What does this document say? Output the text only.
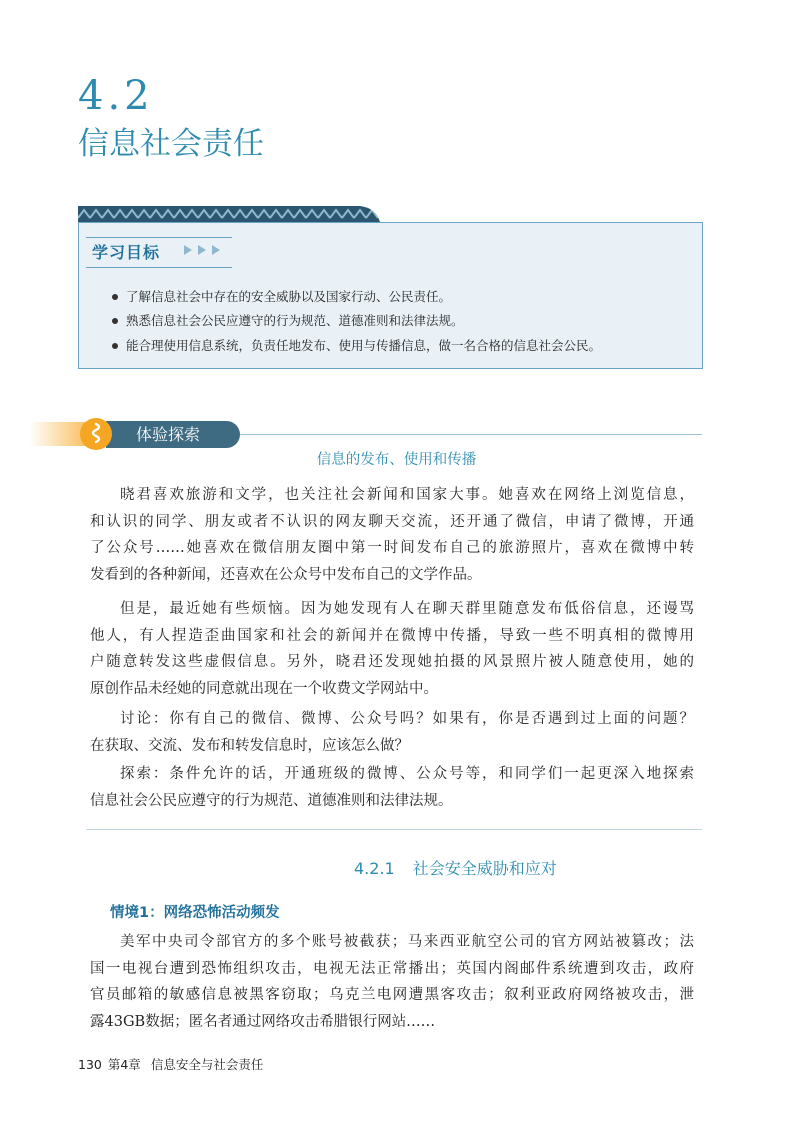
4.2
信息社会责任
学习目标
了解信息社会中存在的安全威胁以及国家行动、公民责任。
熟悉信息社会公民应遵守的行为规范、道德准则和法律法规。
能合理使用信息系统，负责任地发布、使用与传播信息，做一名合格的信息社会公民。
体验探索
信息的发布、使用和传播
晓君喜欢旅游和文学，也关注社会新闻和国家大事。她喜欢在网络上浏览信息，
和认识的同学、朋友或者不认识的网友聊天交流，还开通了微信，申请了微博，开通
了公众号……她喜欢在微信朋友圈中第一时间发布自己的旅游照片，喜欢在微博中转
发看到的各种新闻，还喜欢在公众号中发布自己的文学作品。
但是，最近她有些烦恼。因为她发现有人在聊天群里随意发布低俗信息，还谩骂
他人，有人捏造歪曲国家和社会的新闻并在微博中传播，导致一些不明真相的微博用
户随意转发这些虚假信息。另外，晓君还发现她拍摄的风景照片被人随意使用，她的
原创作品未经她的同意就出现在一个收费文学网站中。
讨论：你有自己的微信、微博、公众号吗？如果有，你是否遇到过上面的问题？
在获取、交流、发布和转发信息时，应该怎么做？
探索：条件允许的话，开通班级的微博、公众号等，和同学们一起更深入地探索
信息社会公民应遵守的行为规范、道德准则和法律法规。
4.2.1 社会安全威胁和应对
情境1：网络恐怖活动频发
美军中央司令部官方的多个账号被截获；马来西亚航空公司的官方网站被篡改；法
国一电视台遭到恐怖组织攻击，电视无法正常播出；英国内阁邮件系统遭到攻击，政府
官员邮箱的敏感信息被黑客窃取；乌克兰电网遭黑客攻击；叙利亚政府网络被攻击，泄
露43GB数据；匿名者通过网络攻击希腊银行网站……
130 第4章 信息安全与社会责任
